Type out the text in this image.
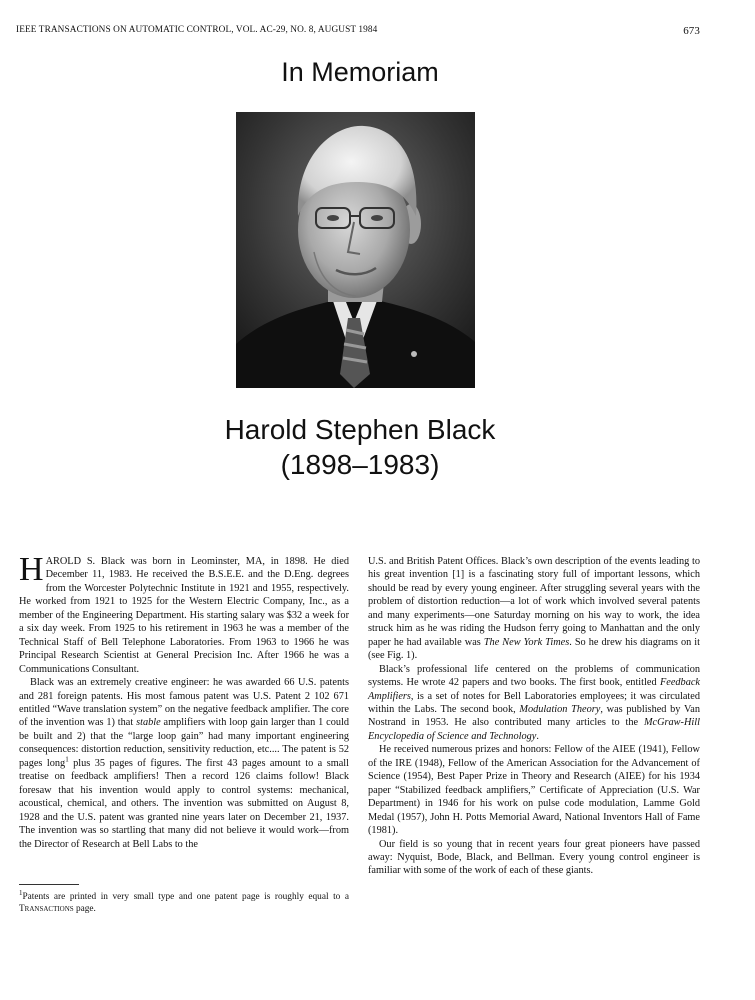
IEEE TRANSACTIONS ON AUTOMATIC CONTROL, VOL. AC-29, NO. 8, AUGUST 1984	673
In Memoriam
Harold Stephen Black
(1898–1983)

HAROLD S. Black was born in Leominster, MA, in 1898. He died December 11, 1983. He received the B.S.E.E. and the D.Eng. degrees from the Worcester Polytechnic Institute in 1921 and 1955, respectively. He worked from 1921 to 1925 for the Western Electric Company, Inc., as a member of the Engineering Department. His starting salary was $32 a week for a six day week. From 1925 to his retirement in 1963 he was a member of the Technical Staff of Bell Telephone Laboratories. From 1963 to 1966 he was Principal Research Scientist at General Precision Inc. After 1966 he was a Communications Consultant.

Black was an extremely creative engineer: he was awarded 66 U.S. patents and 281 foreign patents. His most famous patent was U.S. Patent 2 102 671 entitled “Wave translation system” on the negative feedback amplifier. The core of the invention was 1) that stable amplifiers with loop gain larger than 1 could be built and 2) that the “large loop gain” had many important engineering consequences: distortion reduction, sensitivity reduction, etc.... The patent is 52 pages long$^1$ plus 35 pages of figures. The first 43 pages amount to a small treatise on feedback amplifiers! Then a record 126 claims follow! Black foresaw that his invention would apply to control systems: mechanical, acoustical, chemical, and others. The invention was submitted on August 8, 1928 and the U.S. patent was granted nine years later on December 21, 1937. The invention was so startling that many did not believe it would work—from the Director of Research at Bell Labs to the

$^1$Patents are printed in very small type and one patent page is roughly equal to a Transactions page.

U.S. and British Patent Offices. Black’s own description of the events leading to his great invention [1] is a fascinating story full of important lessons, which should be read by every young engineer. After struggling several years with the problem of distortion reduction—a lot of work which involved several patents and many experiments—one Saturday morning on his way to work, the idea struck him as he was riding the Hudson ferry going to Manhattan and the only paper he had available was The New York Times. So he drew his diagrams on it (see Fig. 1).

Black’s professional life centered on the problems of communication systems. He wrote 42 papers and two books. The first book, entitled Feedback Amplifiers, is a set of notes for Bell Laboratories employees; it was circulated within the Labs. The second book, Modulation Theory, was published by Van Nostrand in 1953. He also contributed many articles to the McGraw-Hill Encyclopedia of Science and Technology.

He received numerous prizes and honors: Fellow of the AIEE (1941), Fellow of the IRE (1948), Fellow of the American Association for the Advancement of Science (1954), Best Paper Prize in Theory and Research (AIEE) for his 1934 paper “Stabilized feedback amplifiers,” Certificate of Appreciation (U.S. War Department) in 1946 for his work on pulse code modulation, Lamme Gold Medal (1957), John H. Potts Memorial Award, National Inventors Hall of Fame (1981).

Our field is so young that in recent years four great pioneers have passed away: Nyquist, Bode, Black, and Bellman. Every young control engineer is familiar with some of the work of each of these giants.
